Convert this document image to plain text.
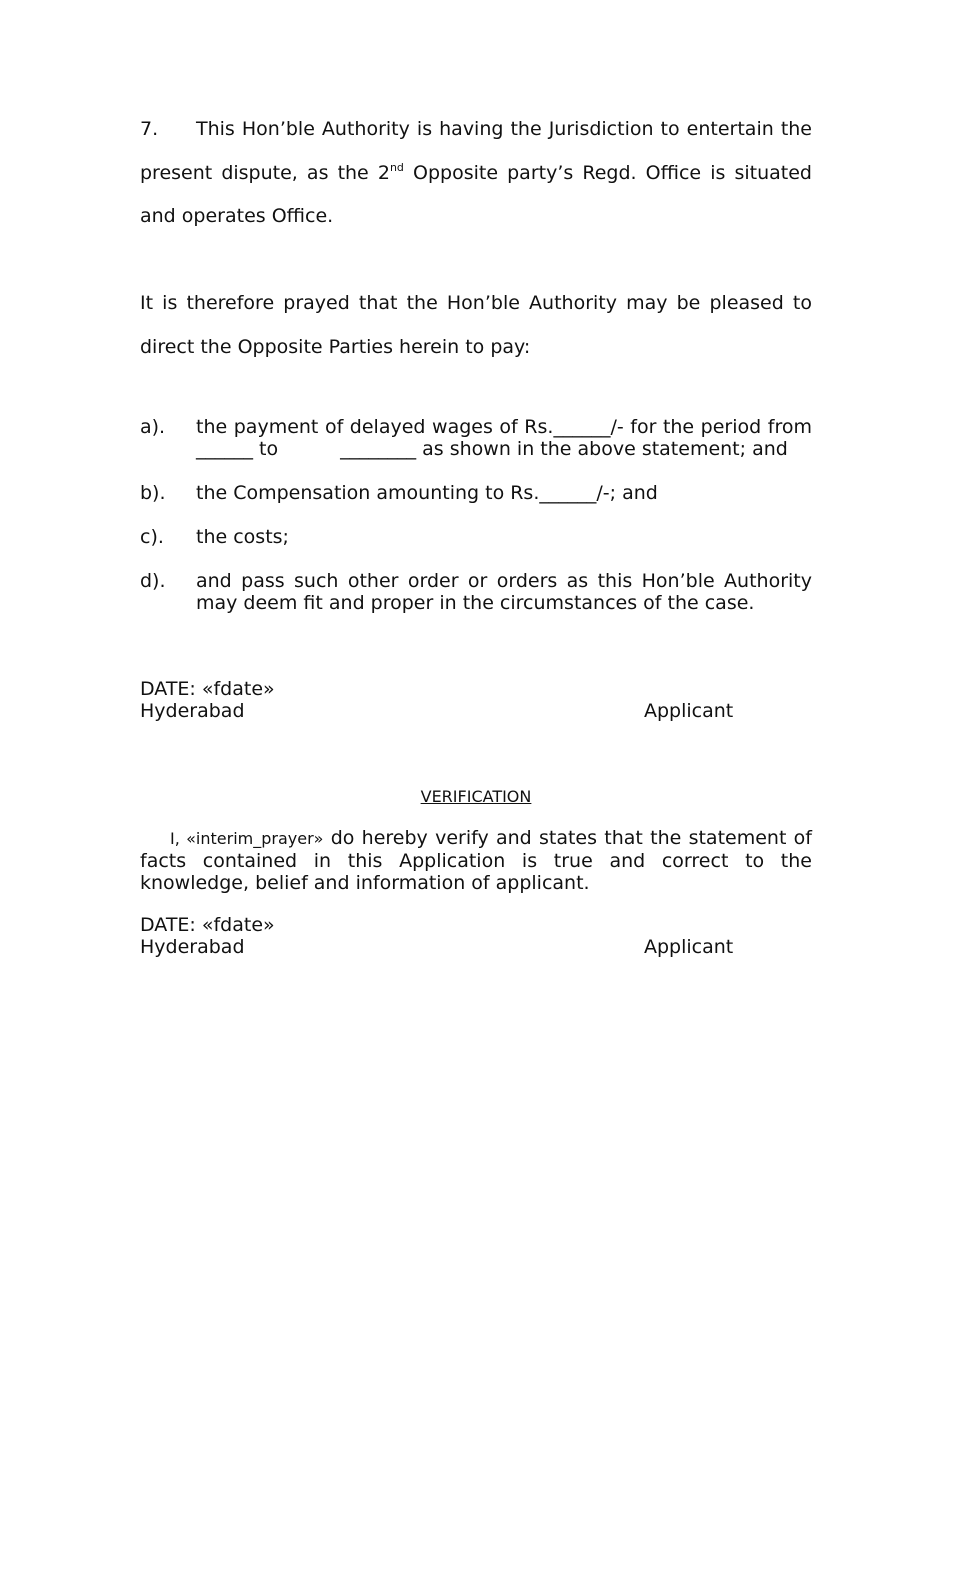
7. This Hon’ble Authority is having the Jurisdiction to entertain the present dispute, as the 2nd Opposite party’s Regd. Office is situated and operates Office.
It is therefore prayed that the Hon’ble Authority may be pleased to direct the Opposite Parties herein to pay:
a).	the payment of delayed wages of Rs.______/- for the period from ______ to	________ as shown in the above statement; and
b).	the Compensation amounting to Rs.______/-; and
c).	the costs;
d).	and pass such other order or orders as this Hon’ble Authority may deem fit and proper in the circumstances of the case.
DATE: «fdate»
Hyderabad	Applicant
VERIFICATION
I, «interim_prayer» do hereby verify and states that the statement of facts contained in this Application is true and correct to the knowledge, belief and information of applicant.
DATE: «fdate»
Hyderabad	Applicant
